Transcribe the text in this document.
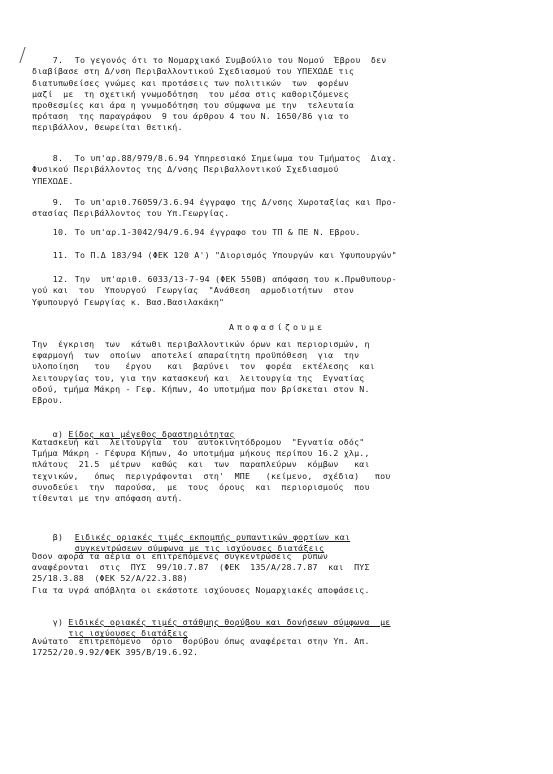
7. Το γεγονός ότι το Νομαρχιακό Συμβούλιο του Νομού  Έβρου  δεν
διαβίβασε στη Δ/νση Περιβαλλοντικού Σχεδιασμού του ΥΠΕΧΩΔΕ τις
διατυπωθείσες γνώμες και προτάσεις των πολιτικών  των  φορέων
μαζί  με  τη σχετική γνωμοδότηση  του μέσα στις καθοριζόμενες
προθεσμίες και άρα η γνωμοδότηση του σύμφωνα με την  τελευταία
πρόταση  της παραγράφου  9 του άρθρου 4 του Ν. 1650/86 για το
περιβάλλον, θεωρείται θετική.

8. Το υπ'αρ.88/979/8.6.94 Υπηρεσιακό Σημείωμα του Τμήματος  Διαχ.
Φυσικού Περιβάλλοντος της Δ/νσης Περιβαλλοντικού Σχεδιασμού
ΥΠΕΧΩΔΕ.

9. Το υπ'αριθ.76059/3.6.94 έγγραφο της Δ/νσης Χωροταξίας και Προ-
στασίας Περιβάλλοντος του Υπ.Γεωργίας.

10. Το υπ'αρ.1-3042/94/9.6.94 έγγραφο του ΤΠ & ΠΕ Ν. Εβρου.

11. Το Π.Δ 183/94 (ΦΕΚ 120 Α') "Διορισμός Υπουργών και Υφυπουργών"

12. Την  υπ'αριθ. 6033/13-7-94 (ΦΕΚ 550Β) απόφαση του κ.Πρωθυπουρ-
γού και  του  Υπουργού  Γεωργίας  "Ανάθεση  αρμοδιοτήτων  στον
Υφυπουργό Γεωργίας κ. Βασ.Βασιλακάκη"

Αποφασίζουμε
Την  έγκριση  των  κάτωθι περιβαλλοντικών όρων και περιορισμών, η
εφαρμογή  των  οποίων  αποτελεί απαραίτητη προϋπόθεση  για  την
υλοποίηση   του   έργου   και  βαρύνει  τον  φορέα  εκτέλεσης  και
λειτουργίας του, για την κατασκευή και  λειτουργία της  Εγνατίας
οδού, τμήμα Μάκρη - Γεφ. Κήπων, 4ο υποτμήμα που βρίσκεται στον Ν.
Εβρου.

α) Είδος και μέγεθος δραστηριότητας

Κατασκευή και  λειτουργία  του  αυτοκινητόδρομου  "Εγνατία οδός"
Τμήμα Μάκρη - Γέφυρα Κήπων, 4ο υποτμήμα μήκους περίπου 16.2 χλμ.,
πλάτους  21.5  μέτρων  καθώς  και  των  παραπλεύρων  κόμβων   και
τεχνικών,   όπως  περιγράφονται  στη'  ΜΠΕ   (κείμενο,  σχέδια)   που
συνοδεύει  την  παρούσα,  με  τους  όρους  και  περιορισμούς  που
τίθενται με την απόφαση αυτή.

β) Ειδικές οριακές τιμές εκπομπής ρυπαντικών φορτίων και
συγκεντρώσεων σύμφωνα με τις ισχύουσες διατάξεις

Όσον αφορά τα αέρια οι επιτρεπόμενες συγκεντρώσεις  ρύπων
αναφέρονται  στις  ΠΥΣ  99/10.7.87  (ΦΕΚ  135/Α/28.7.87  και  ΠΥΣ
25/18.3.88  (ΦΕΚ 52/Α/22.3.88)
Για τα υγρά απόβλητα οι εκάστοτε ισχύουσες Νομαρχιακές αποφάσεις.

γ) Ειδικές οριακές τιμές στάθμης θορύβου και δονήσεων σύμφωνα  με
τις ισχύουσες διατάξεις

Ανώτατο  επιτρεπόμενο  όριο  θορύβου όπως αναφέρεται στην Υπ. Απ.
17252/20.9.92/ΦΕΚ 395/Β/19.6.92.
